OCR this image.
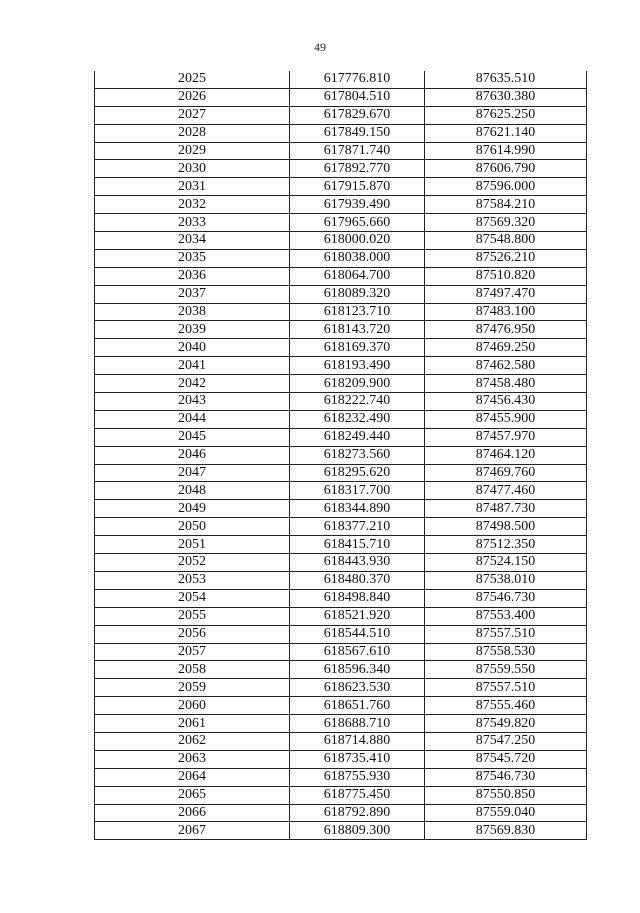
49
2025	617776.810	87635.510
2026	617804.510	87630.380
2027	617829.670	87625.250
2028	617849.150	87621.140
2029	617871.740	87614.990
2030	617892.770	87606.790
2031	617915.870	87596.000
2032	617939.490	87584.210
2033	617965.660	87569.320
2034	618000.020	87548.800
2035	618038.000	87526.210
2036	618064.700	87510.820
2037	618089.320	87497.470
2038	618123.710	87483.100
2039	618143.720	87476.950
2040	618169.370	87469.250
2041	618193.490	87462.580
2042	618209.900	87458.480
2043	618222.740	87456.430
2044	618232.490	87455.900
2045	618249.440	87457.970
2046	618273.560	87464.120
2047	618295.620	87469.760
2048	618317.700	87477.460
2049	618344.890	87487.730
2050	618377.210	87498.500
2051	618415.710	87512.350
2052	618443.930	87524.150
2053	618480.370	87538.010
2054	618498.840	87546.730
2055	618521.920	87553.400
2056	618544.510	87557.510
2057	618567.610	87558.530
2058	618596.340	87559.550
2059	618623.530	87557.510
2060	618651.760	87555.460
2061	618688.710	87549.820
2062	618714.880	87547.250
2063	618735.410	87545.720
2064	618755.930	87546.730
2065	618775.450	87550.850
2066	618792.890	87559.040
2067	618809.300	87569.830
